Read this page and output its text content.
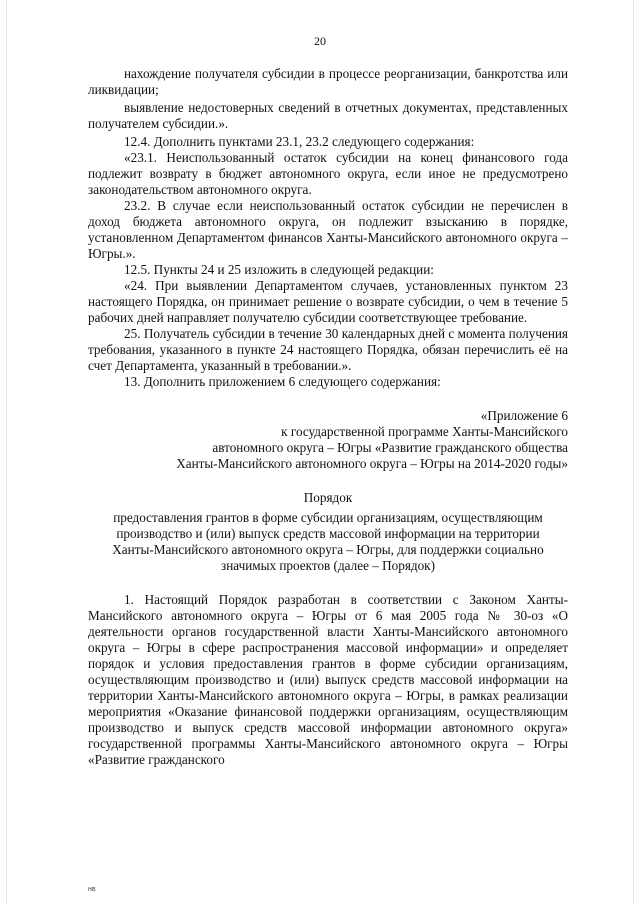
20

нахождение получателя субсидии в процессе реорганизации, банкротства или ликвидации;

выявление недостоверных сведений в отчетных документах, представленных получателем субсидии.».

12.4. Дополнить пунктами 23.1, 23.2 следующего содержания:

«23.1. Неиспользованный остаток субсидии на конец финансового года подлежит возврату в бюджет автономного округа, если иное не предусмотрено законодательством автономного округа.

23.2. В случае если неиспользованный остаток субсидии не перечислен в доход бюджета автономного округа, он подлежит взысканию в порядке, установленном Департаментом финансов Ханты-Мансийского автономного округа – Югры.».

12.5. Пункты 24 и 25 изложить в следующей редакции:

«24. При выявлении Департаментом случаев, установленных пунктом 23 настоящего Порядка, он принимает решение о возврате субсидии, о чем в течение 5 рабочих дней направляет получателю субсидии соответствующее требование.

25. Получатель субсидии в течение 30 календарных дней с момента получения требования, указанного в пункте 24 настоящего Порядка, обязан перечислить её на счет Департамента, указанный в требовании.».

13. Дополнить приложением 6 следующего содержания:

«Приложение 6
к государственной программе Ханты-Мансийского
автономного округа – Югры «Развитие гражданского общества
Ханты-Мансийского автономного округа – Югры на 2014-2020 годы»
Порядок
предоставления грантов в форме субсидии организациям, осуществляющим производство и (или) выпуск средств массовой информации на территории Ханты-Мансийского автономного округа – Югры, для поддержки социально значимых проектов (далее – Порядок)

1. Настоящий Порядок разработан в соответствии с Законом Ханты-Мансийского автономного округа – Югры от 6 мая 2005 года № 30-оз «О деятельности органов государственной власти Ханты-Мансийского автономного округа – Югры в сфере распространения массовой информации» и определяет порядок и условия предоставления грантов в форме субсидии организациям, осуществляющим производство и (или) выпуск средств массовой информации на территории Ханты-Мансийского автономного округа – Югры, в рамках реализации мероприятия «Оказание финансовой поддержки организациям, осуществляющим производство и выпуск средств массовой информации автономного округа» государственной программы Ханты-Мансийского автономного округа – Югры «Развитие гражданского

нв
